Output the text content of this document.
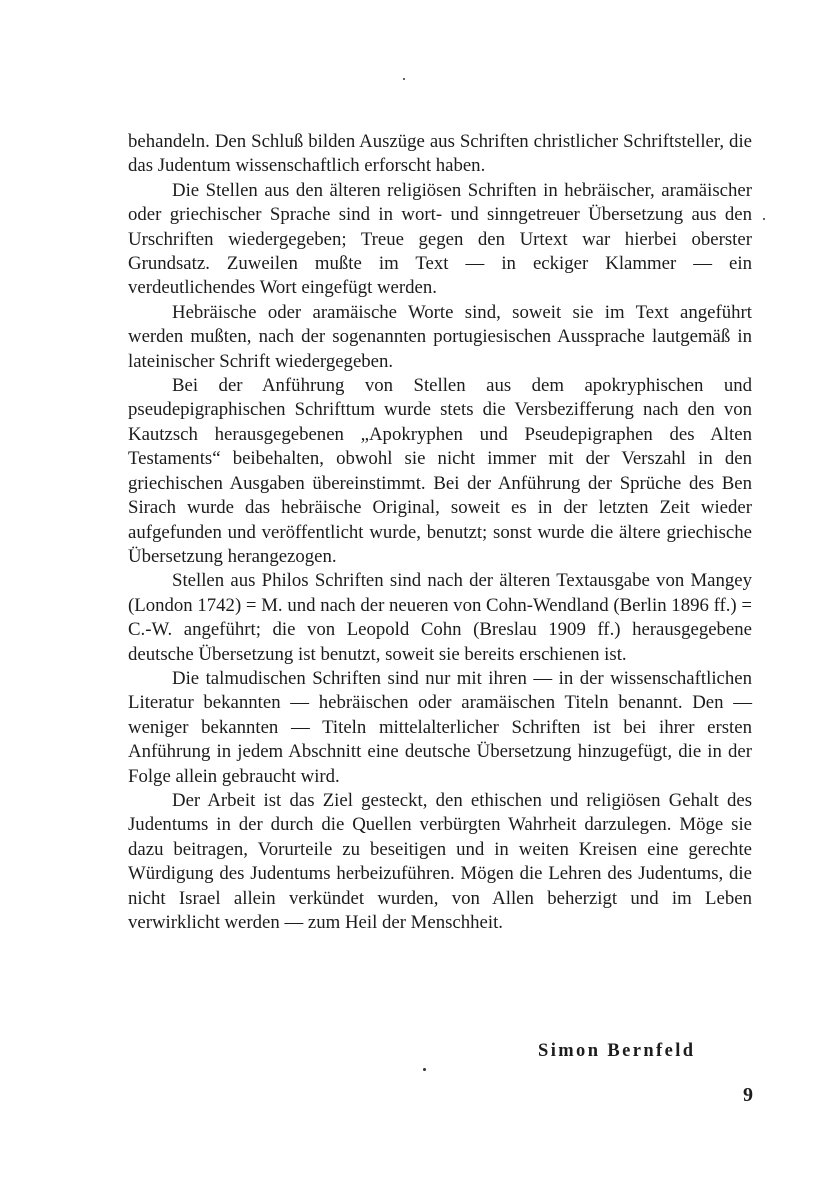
behandeln. Den Schluß bilden Auszüge aus Schriften christlicher Schriftsteller, die das Judentum wissenschaftlich erforscht haben.

Die Stellen aus den älteren religiösen Schriften in hebräischer, aramäischer oder griechischer Sprache sind in wort- und sinngetreuer Übersetzung aus den Urschriften wiedergegeben; Treue gegen den Urtext war hierbei oberster Grundsatz. Zuweilen mußte im Text — in eckiger Klammer — ein verdeutlichendes Wort eingefügt werden.

Hebräische oder aramäische Worte sind, soweit sie im Text angeführt werden mußten, nach der sogenannten portugiesischen Aussprache lautgemäß in lateinischer Schrift wiedergegeben.

Bei der Anführung von Stellen aus dem apokryphischen und pseudepigraphischen Schrifttum wurde stets die Versbezifferung nach den von Kautzsch herausgegebenen „Apokryphen und Pseudepigraphen des Alten Testaments“ beibehalten, obwohl sie nicht immer mit der Verszahl in den griechischen Ausgaben übereinstimmt. Bei der Anführung der Sprüche des Ben Sirach wurde das hebräische Original, soweit es in der letzten Zeit wieder aufgefunden und veröffentlicht wurde, benutzt; sonst wurde die ältere griechische Übersetzung herangezogen.

Stellen aus Philos Schriften sind nach der älteren Textausgabe von Mangey (London 1742) = M. und nach der neueren von Cohn-Wendland (Berlin 1896 ff.) = C.-W. angeführt; die von Leopold Cohn (Breslau 1909 ff.) herausgegebene deutsche Übersetzung ist benutzt, soweit sie bereits erschienen ist.

Die talmudischen Schriften sind nur mit ihren — in der wissenschaftlichen Literatur bekannten — hebräischen oder aramäischen Titeln benannt. Den — weniger bekannten — Titeln mittelalterlicher Schriften ist bei ihrer ersten Anführung in jedem Abschnitt eine deutsche Übersetzung hinzugefügt, die in der Folge allein gebraucht wird.

Der Arbeit ist das Ziel gesteckt, den ethischen und religiösen Gehalt des Judentums in der durch die Quellen verbürgten Wahrheit darzulegen. Möge sie dazu beitragen, Vorurteile zu beseitigen und in weiten Kreisen eine gerechte Würdigung des Judentums herbeizuführen. Mögen die Lehren des Judentums, die nicht Israel allein verkündet wurden, von Allen beherzigt und im Leben verwirklicht werden — zum Heil der Menschheit.

Simon Bernfeld
9
